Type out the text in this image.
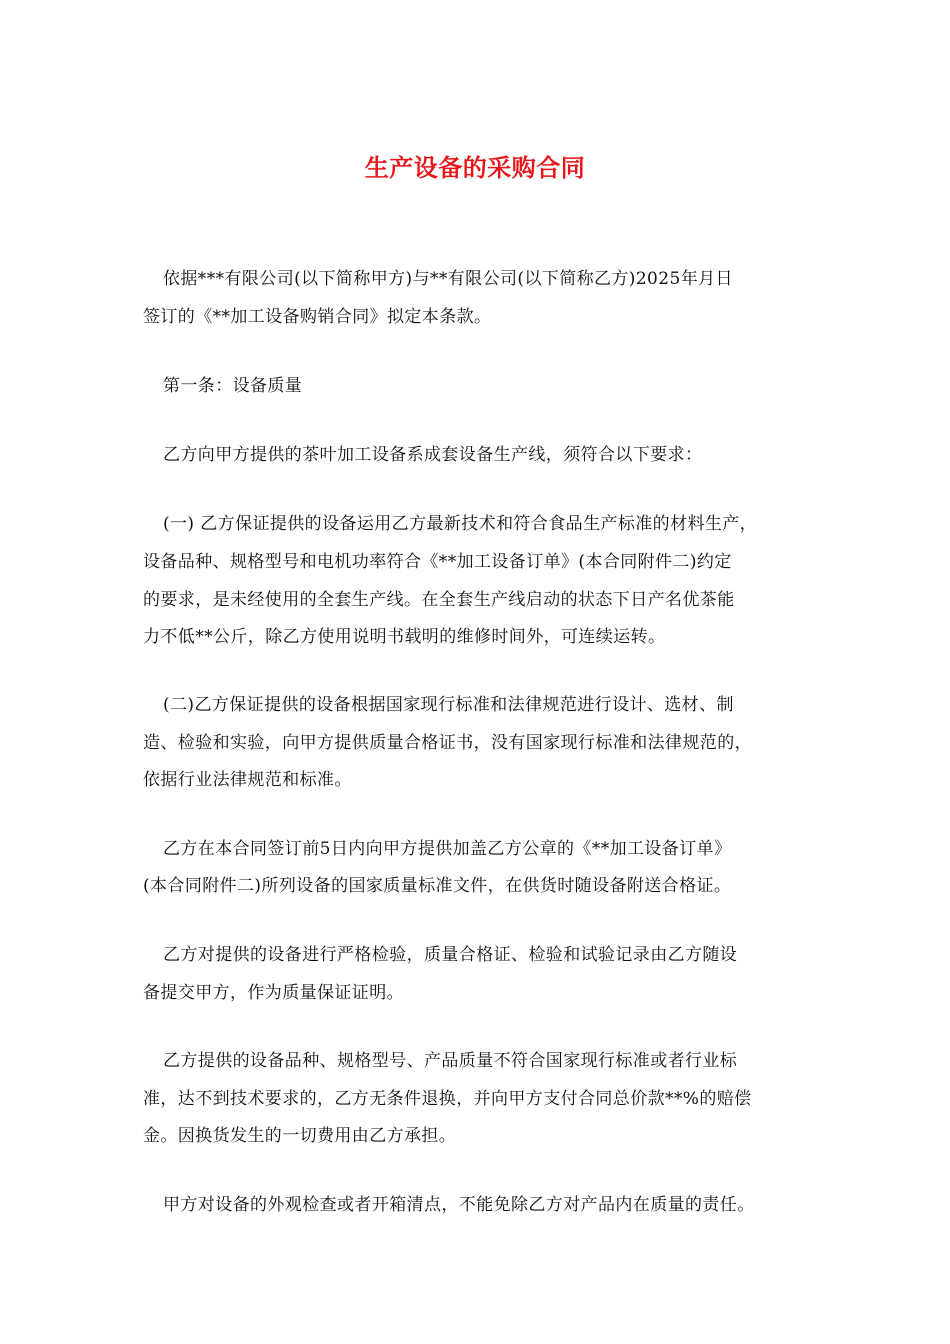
生产设备的采购合同
依据***有限公司(以下简称甲方)与**有限公司(以下简称乙方)2025年月日
签订的《**加工设备购销合同》拟定本条款。
第一条：设备质量
乙方向甲方提供的茶叶加工设备系成套设备生产线，须符合以下要求：
(一) 乙方保证提供的设备运用乙方最新技术和符合食品生产标准的材料生产，
设备品种、规格型号和电机功率符合《**加工设备订单》(本合同附件二)约定
的要求，是未经使用的全套生产线。在全套生产线启动的状态下日产名优茶能
力不低**公斤，除乙方使用说明书载明的维修时间外，可连续运转。
(二)乙方保证提供的设备根据国家现行标准和法律规范进行设计、选材、制
造、检验和实验，向甲方提供质量合格证书，没有国家现行标准和法律规范的，
依据行业法律规范和标准。
乙方在本合同签订前5日内向甲方提供加盖乙方公章的《**加工设备订单》
(本合同附件二)所列设备的国家质量标准文件，在供货时随设备附送合格证。
乙方对提供的设备进行严格检验，质量合格证、检验和试验记录由乙方随设
备提交甲方，作为质量保证证明。
乙方提供的设备品种、规格型号、产品质量不符合国家现行标准或者行业标
准，达不到技术要求的，乙方无条件退换，并向甲方支付合同总价款**%的赔偿
金。因换货发生的一切费用由乙方承担。
甲方对设备的外观检查或者开箱清点，不能免除乙方对产品内在质量的责任。
